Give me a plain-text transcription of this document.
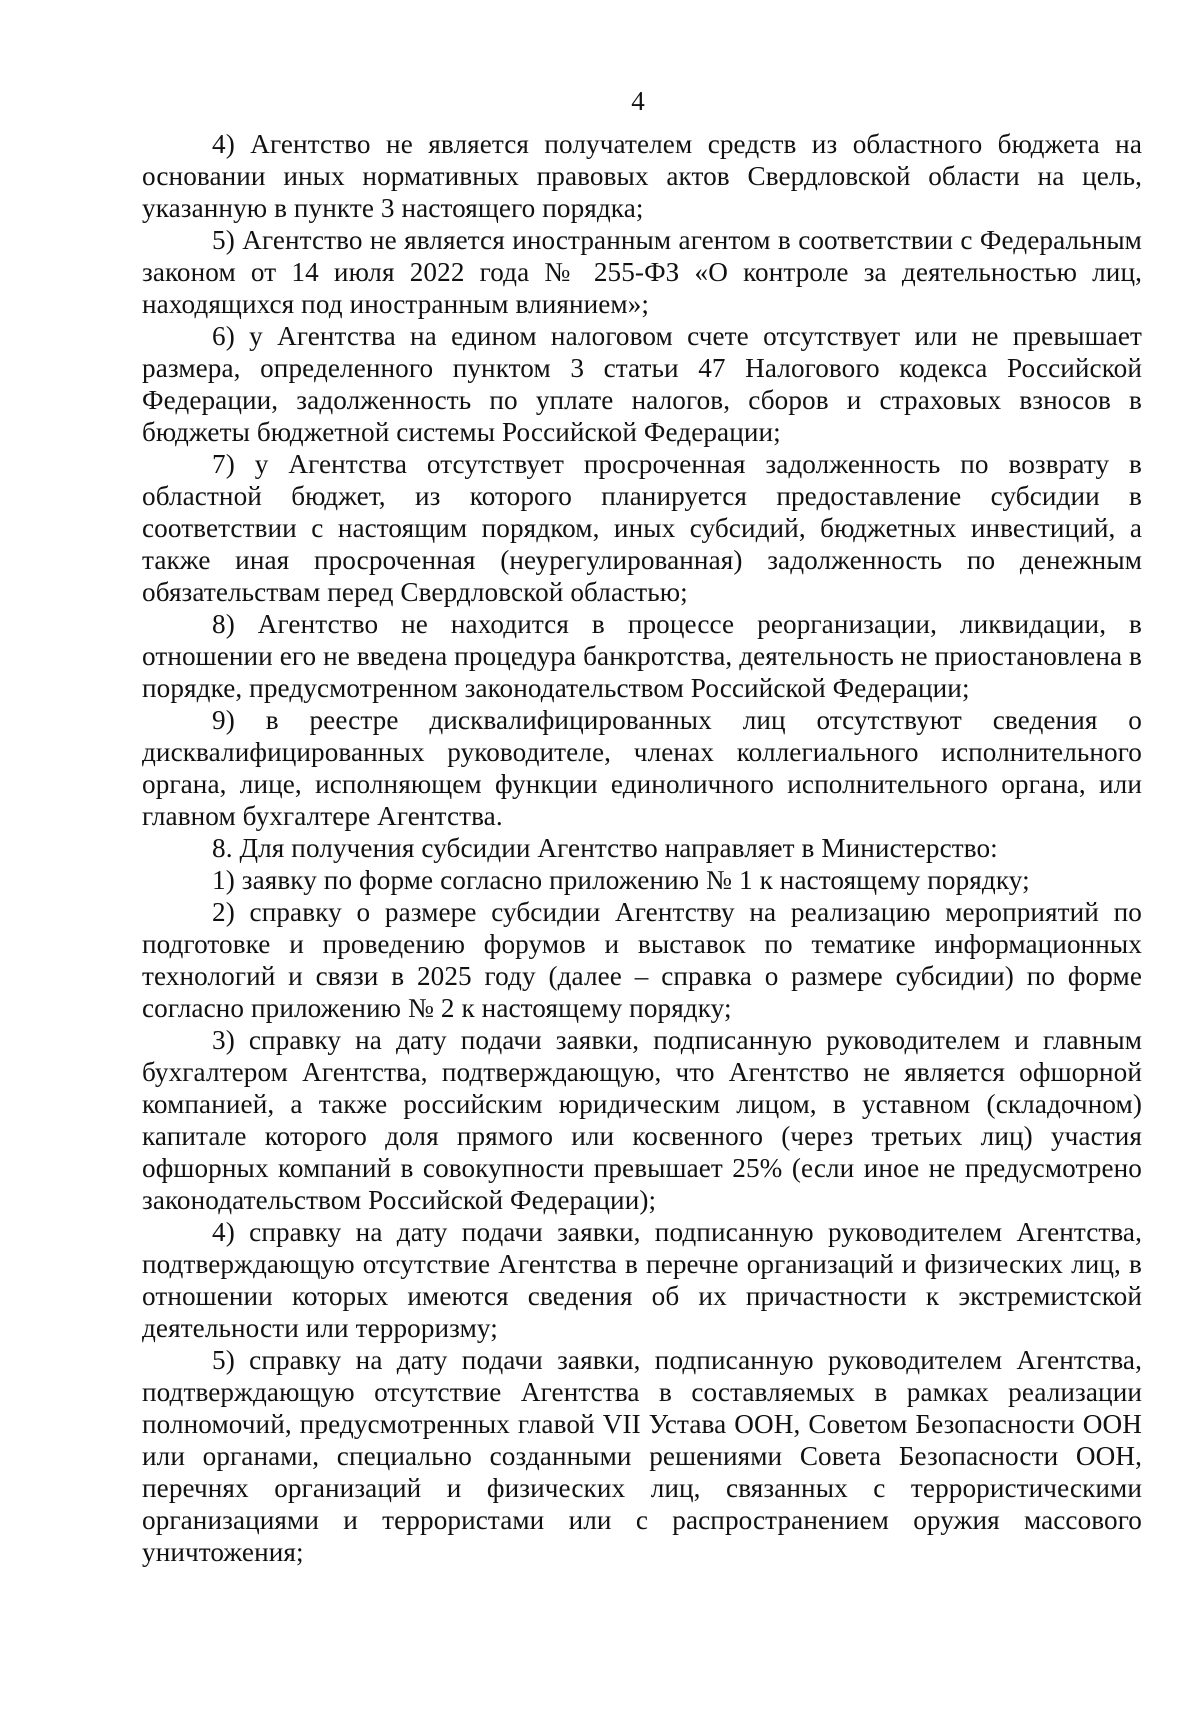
4

4) Агентство не является получателем средств из областного бюджета на основании иных нормативных правовых актов Свердловской области на цель, указанную в пункте 3 настоящего порядка;

5) Агентство не является иностранным агентом в соответствии с Федеральным законом от 14 июля 2022 года № 255-ФЗ «О контроле за деятельностью лиц, находящихся под иностранным влиянием»;

6) у Агентства на едином налоговом счете отсутствует или не превышает размера, определенного пунктом 3 статьи 47 Налогового кодекса Российской Федерации, задолженность по уплате налогов, сборов и страховых взносов в бюджеты бюджетной системы Российской Федерации;

7) у Агентства отсутствует просроченная задолженность по возврату в областной бюджет, из которого планируется предоставление субсидии в соответствии с настоящим порядком, иных субсидий, бюджетных инвестиций, а также иная просроченная (неурегулированная) задолженность по денежным обязательствам перед Свердловской областью;

8) Агентство не находится в процессе реорганизации, ликвидации, в отношении его не введена процедура банкротства, деятельность не приостановлена в порядке, предусмотренном законодательством Российской Федерации;

9) в реестре дисквалифицированных лиц отсутствуют сведения о дисквалифицированных руководителе, членах коллегиального исполнительного органа, лице, исполняющем функции единоличного исполнительного органа, или главном бухгалтере Агентства.

8. Для получения субсидии Агентство направляет в Министерство:

1) заявку по форме согласно приложению № 1 к настоящему порядку;

2) справку о размере субсидии Агентству на реализацию мероприятий по подготовке и проведению форумов и выставок по тематике информационных технологий и связи в 2025 году (далее – справка о размере субсидии) по форме согласно приложению № 2 к настоящему порядку;

3) справку на дату подачи заявки, подписанную руководителем и главным бухгалтером Агентства, подтверждающую, что Агентство не является офшорной компанией, а также российским юридическим лицом, в уставном (складочном) капитале которого доля прямого или косвенного (через третьих лиц) участия офшорных компаний в совокупности превышает 25% (если иное не предусмотрено законодательством Российской Федерации);

4) справку на дату подачи заявки, подписанную руководителем Агентства, подтверждающую отсутствие Агентства в перечне организаций и физических лиц, в отношении которых имеются сведения об их причастности к экстремистской деятельности или терроризму;

5) справку на дату подачи заявки, подписанную руководителем Агентства, подтверждающую отсутствие Агентства в составляемых в рамках реализации полномочий, предусмотренных главой VII Устава ООН, Советом Безопасности ООН или органами, специально созданными решениями Совета Безопасности ООН, перечнях организаций и физических лиц, связанных с террористическими организациями и террористами или с распространением оружия массового уничтожения;
